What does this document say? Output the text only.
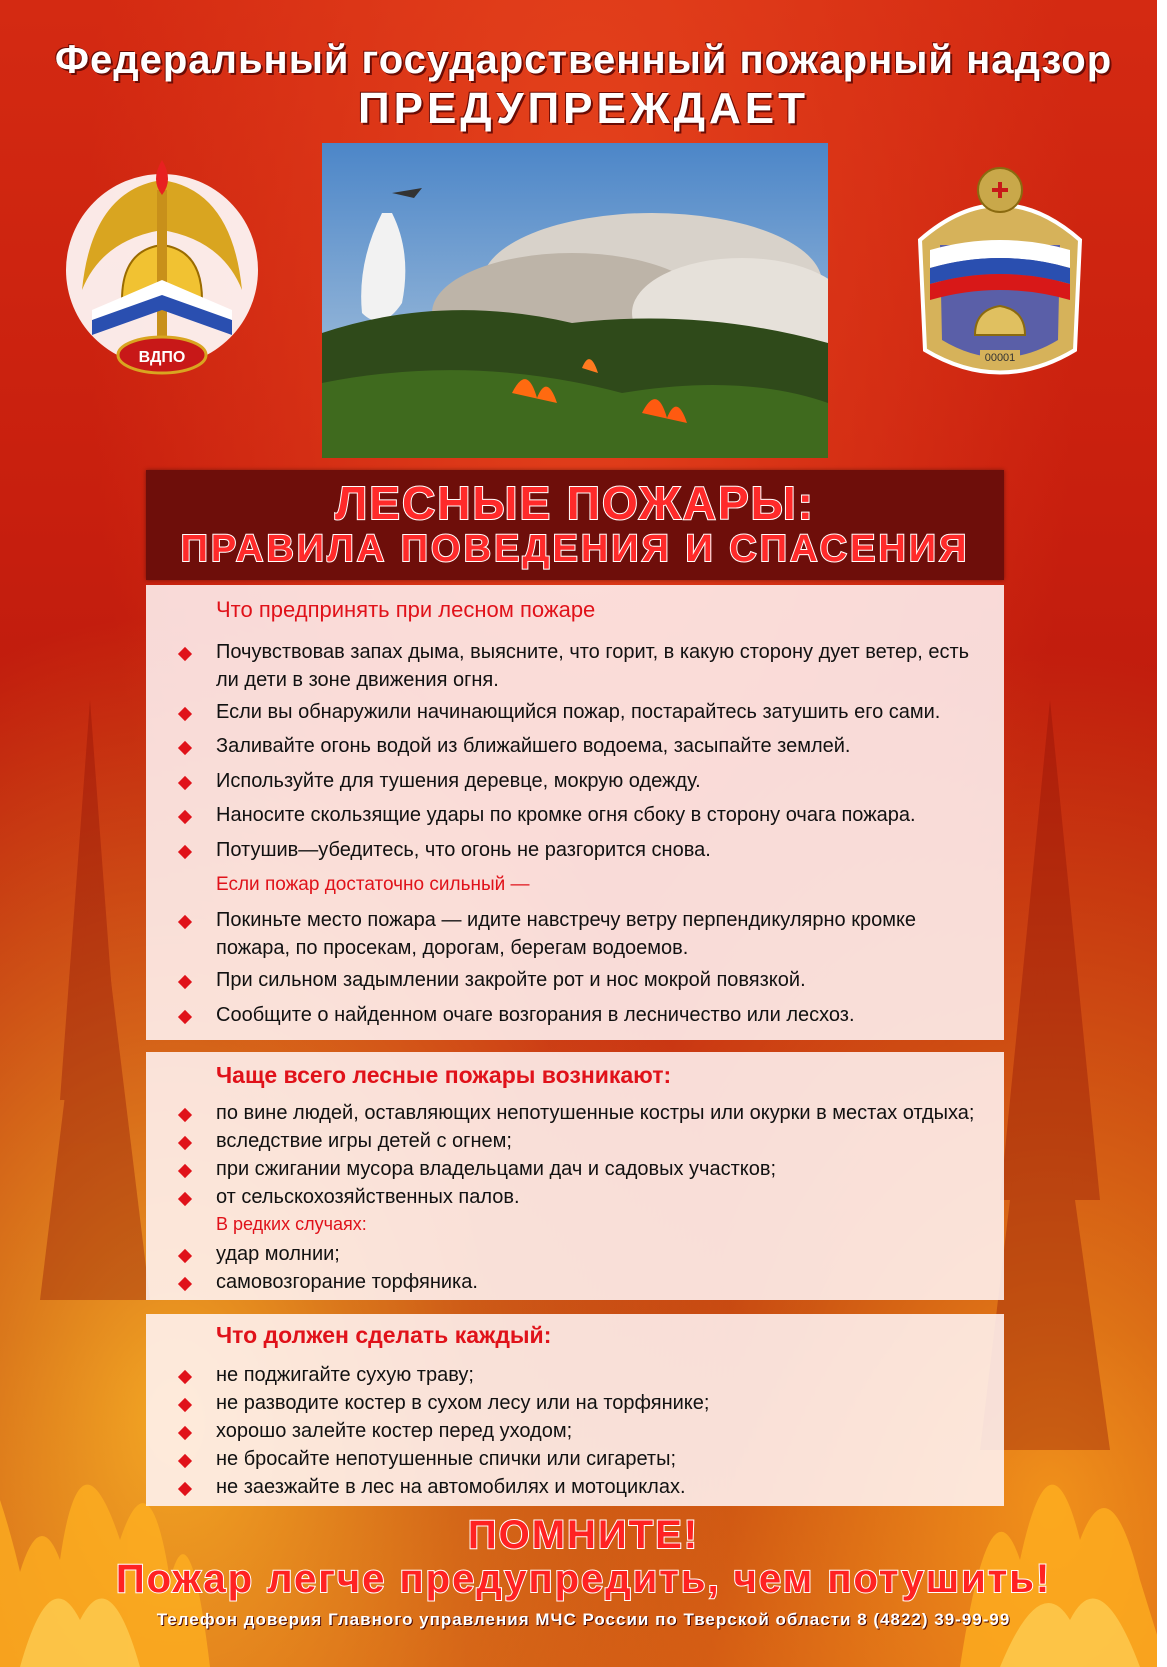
Федеральный государственный пожарный надзор
ПРЕДУПРЕЖДАЕТ
ВДПО	00001
ЛЕСНЫЕ ПОЖАРЫ:
ПРАВИЛА ПОВЕДЕНИЯ И СПАСЕНИЯ
Что предпринять при лесном пожаре
Почувствовав запах дыма, выясните, что горит, в какую сторону дует ветер, есть ли дети в зоне движения огня.
Если вы обнаружили начинающийся пожар, постарайтесь затушить его сами.
Заливайте огонь водой из ближайшего водоема, засыпайте землей.
Используйте для тушения деревце, мокрую одежду.
Наносите скользящие удары по кромке огня сбоку в сторону очага пожара.
Потушив—убедитесь, что огонь не разгорится снова.
Если пожар достаточно сильный —
Покиньте место пожара — идите навстречу ветру перпендикулярно кромке пожара, по просекам, дорогам, берегам водоемов.
При сильном задымлении закройте рот и нос мокрой повязкой.
Сообщите о найденном очаге возгорания в лесничество или лесхоз.
Чаще всего лесные пожары возникают:
по вине людей, оставляющих непотушенные костры или окурки в местах отдыха;
вследствие игры детей с огнем;
при сжигании мусора владельцами дач и садовых участков;
от сельскохозяйственных палов.
В редких случаях:
удар молнии;
самовозгорание торфяника.
Что должен сделать каждый:
не поджигайте сухую траву;
не разводите костер в сухом лесу или на торфянике;
хорошо залейте костер перед уходом;
не бросайте непотушенные спички или сигареты;
не заезжайте в лес на автомобилях и мотоциклах.
ПОМНИТЕ!
Пожар легче предупредить, чем потушить!
Телефон доверия Главного управления МЧС России по Тверской области 8 (4822) 39-99-99
